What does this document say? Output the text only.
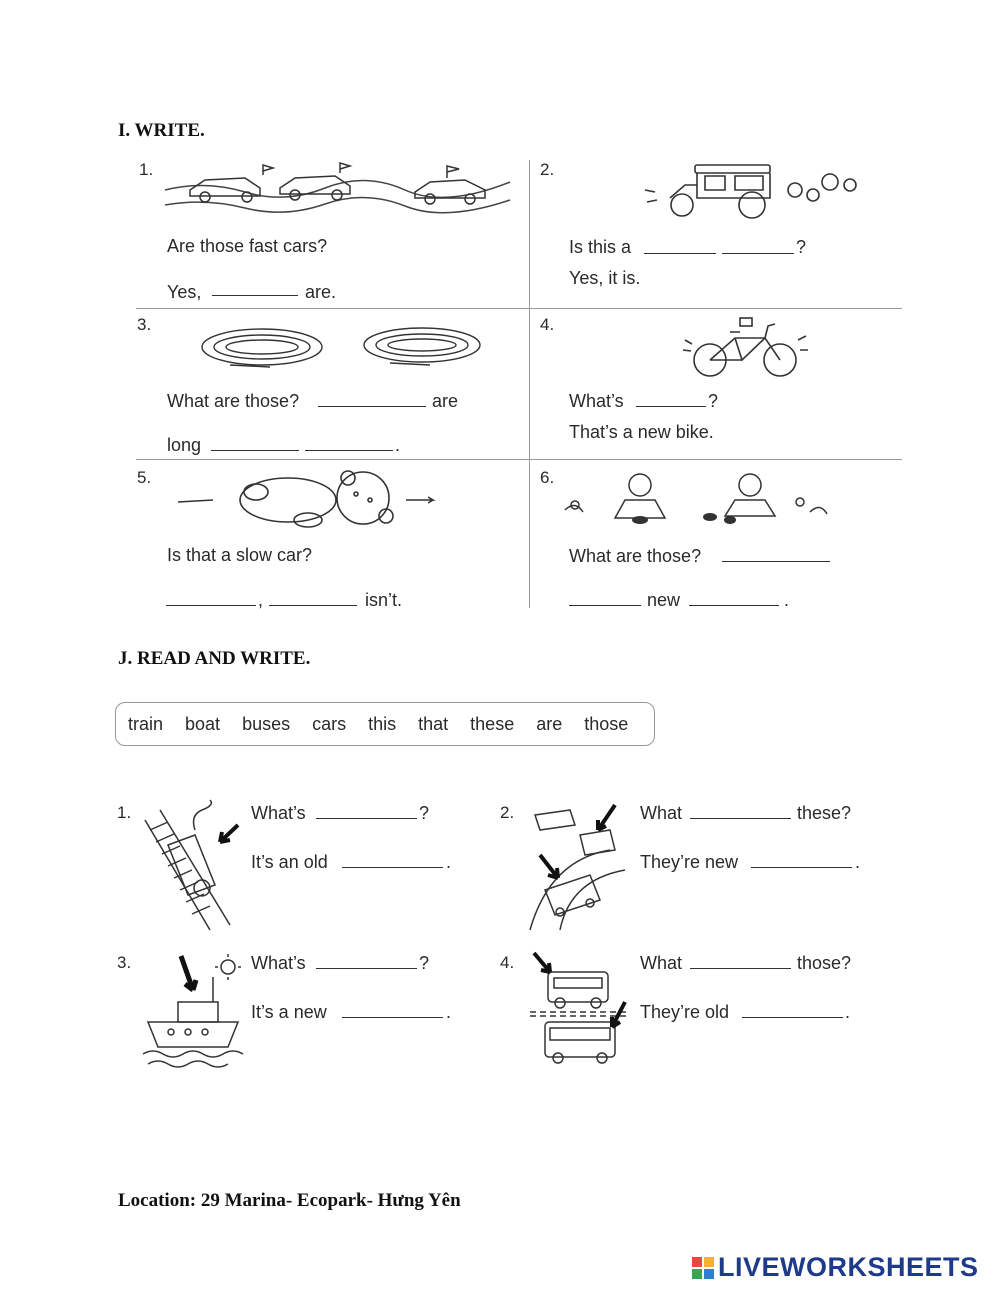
I. WRITE.
1.
Are those fast cars?
Yes,	are.
2.
Is this a	?
Yes, it is.
3.
What are those?	are
long	.
4.
What’s	?
That’s a new bike.
5.
Is that a slow car?
,	isn’t.
6.
What are those?
new	.
J. READ AND WRITE.
train boat buses cars this that these are those
1.	What’s	?
It’s an old	.
2.	What	these?
They’re new	.
3.	What’s	?
It’s a new	.
4.	What	those?
They’re old	.
Location: 29 Marina- Ecopark- Hưng Yên
LIVEWORKSHEETS
